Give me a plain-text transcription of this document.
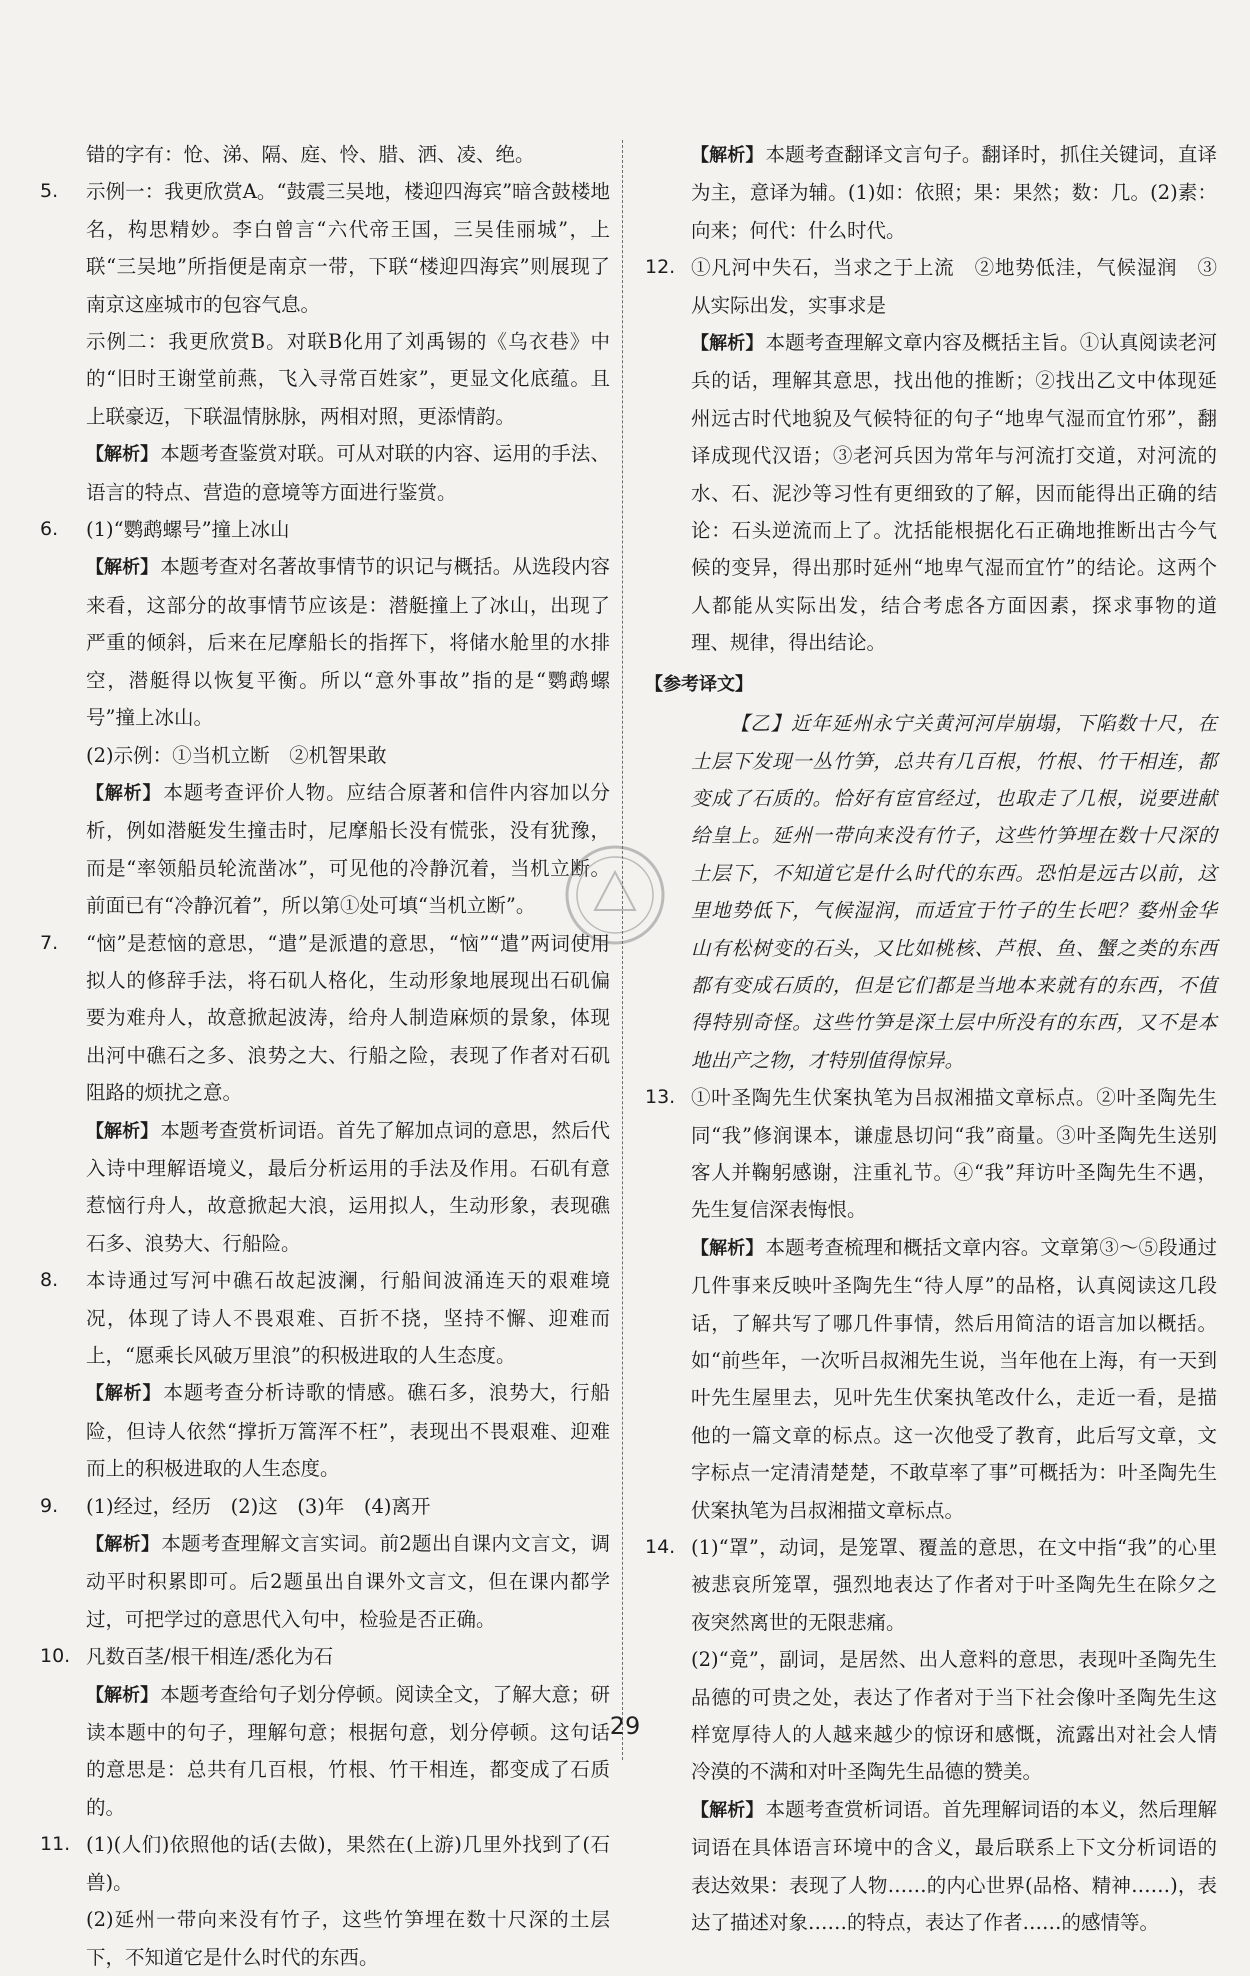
错的字有：怆、涕、隔、庭、怜、腊、洒、凌、绝。

5.	示例一：我更欣赏A。“鼓震三吴地，楼迎四海宾”暗含鼓楼地名，构思精妙。李白曾言“六代帝王国，三吴佳丽城”，上联“三吴地”所指便是南京一带，下联“楼迎四海宾”则展现了南京这座城市的包容气息。

示例二：我更欣赏B。对联B化用了刘禹锡的《乌衣巷》中的“旧时王谢堂前燕，飞入寻常百姓家”，更显文化底蕴。且上联豪迈，下联温情脉脉，两相对照，更添情韵。

【解析】 本题考查鉴赏对联。可从对联的内容、运用的手法、语言的特点、营造的意境等方面进行鉴赏。

6.	(1)“鹦鹉螺号”撞上冰山

【解析】 本题考查对名著故事情节的识记与概括。从选段内容来看，这部分的故事情节应该是：潜艇撞上了冰山，出现了严重的倾斜，后来在尼摩船长的指挥下，将储水舱里的水排空，潜艇得以恢复平衡。所以“意外事故”指的是“鹦鹉螺号”撞上冰山。

(2)示例：①当机立断　②机智果敢

【解析】 本题考查评价人物。应结合原著和信件内容加以分析，例如潜艇发生撞击时，尼摩船长没有慌张，没有犹豫，而是“率领船员轮流凿冰”，可见他的冷静沉着，当机立断。前面已有“冷静沉着”，所以第①处可填“当机立断”。

7.	“恼”是惹恼的意思，“遣”是派遣的意思，“恼”“遣”两词使用拟人的修辞手法，将石矶人格化，生动形象地展现出石矶偏要为难舟人，故意掀起波涛，给舟人制造麻烦的景象，体现出河中礁石之多、浪势之大、行船之险，表现了作者对石矶阻路的烦扰之意。

【解析】 本题考查赏析词语。首先了解加点词的意思，然后代入诗中理解语境义，最后分析运用的手法及作用。石矶有意惹恼行舟人，故意掀起大浪，运用拟人，生动形象，表现礁石多、浪势大、行船险。

8.	本诗通过写河中礁石故起波澜，行船间波涌连天的艰难境况，体现了诗人不畏艰难、百折不挠，坚持不懈、迎难而上，“愿乘长风破万里浪”的积极进取的人生态度。

【解析】 本题考查分析诗歌的情感。礁石多，浪势大，行船险，但诗人依然“撑折万篙浑不枉”，表现出不畏艰难、迎难而上的积极进取的人生态度。

9.	(1)经过，经历　(2)这　(3)年　(4)离开

【解析】 本题考查理解文言实词。前2题出自课内文言文，调动平时积累即可。后2题虽出自课外文言文，但在课内都学过，可把学过的意思代入句中，检验是否正确。

10. 凡数百茎/根干相连/悉化为石

【解析】 本题考查给句子划分停顿。阅读全文，了解大意；研读本题中的句子，理解句意；根据句意，划分停顿。这句话的意思是：总共有几百根，竹根、竹干相连，都变成了石质的。

11. (1)(人们)依照他的话(去做)，果然在(上游)几里外找到了(石兽)。

(2)延州一带向来没有竹子，这些竹笋埋在数十尺深的土层下，不知道它是什么时代的东西。

【解析】 本题考查翻译文言句子。翻译时，抓住关键词，直译为主，意译为辅。(1)如：依照；果：果然；数：几。(2)素：向来；何代：什么时代。

12. ①凡河中失石，当求之于上流　②地势低洼，气候湿润　③从实际出发，实事求是

【解析】 本题考查理解文章内容及概括主旨。①认真阅读老河兵的话，理解其意思，找出他的推断；②找出乙文中体现延州远古时代地貌及气候特征的句子“地卑气湿而宜竹邪”，翻译成现代汉语；③老河兵因为常年与河流打交道，对河流的水、石、泥沙等习性有更细致的了解，因而能得出正确的结论：石头逆流而上了。沈括能根据化石正确地推断出古今气候的变异，得出那时延州“地卑气湿而宜竹”的结论。这两个人都能从实际出发，结合考虑各方面因素，探求事物的道理、规律，得出结论。

【参考译文】

【乙】近年延州永宁关黄河河岸崩塌，下陷数十尺，在土层下发现一丛竹笋，总共有几百根，竹根、竹干相连，都变成了石质的。恰好有宦官经过，也取走了几根，说要进献给皇上。延州一带向来没有竹子，这些竹笋埋在数十尺深的土层下，不知道它是什么时代的东西。恐怕是远古以前，这里地势低下，气候湿润，而适宜于竹子的生长吧？婺州金华山有松树变的石头，又比如桃核、芦根、鱼、蟹之类的东西都有变成石质的，但是它们都是当地本来就有的东西，不值得特别奇怪。这些竹笋是深土层中所没有的东西，又不是本地出产之物，才特别值得惊异。

13. ①叶圣陶先生伏案执笔为吕叔湘描文章标点。②叶圣陶先生同“我”修润课本，谦虚恳切问“我”商量。③叶圣陶先生送别客人并鞠躬感谢，注重礼节。④“我”拜访叶圣陶先生不遇，先生复信深表悔恨。

【解析】 本题考查梳理和概括文章内容。文章第③～⑤段通过几件事来反映叶圣陶先生“待人厚”的品格，认真阅读这几段话，了解共写了哪几件事情，然后用简洁的语言加以概括。如“前些年，一次听吕叔湘先生说，当年他在上海，有一天到叶先生屋里去，见叶先生伏案执笔改什么，走近一看，是描他的一篇文章的标点。这一次他受了教育，此后写文章，文字标点一定清清楚楚，不敢草率了事”可概括为：叶圣陶先生伏案执笔为吕叔湘描文章标点。

14. (1)“罩”，动词，是笼罩、覆盖的意思，在文中指“我”的心里被悲哀所笼罩，强烈地表达了作者对于叶圣陶先生在除夕之夜突然离世的无限悲痛。

(2)“竟”，副词，是居然、出人意料的意思，表现叶圣陶先生品德的可贵之处，表达了作者对于当下社会像叶圣陶先生这样宽厚待人的人越来越少的惊讶和感慨，流露出对社会人情冷漠的不满和对叶圣陶先生品德的赞美。

【解析】 本题考查赏析词语。首先理解词语的本义，然后理解词语在具体语言环境中的含义，最后联系上下文分析词语的表达效果：表现了人物……的内心世界(品格、精神……)，表达了描述对象……的特点，表达了作者……的感情等。

29
